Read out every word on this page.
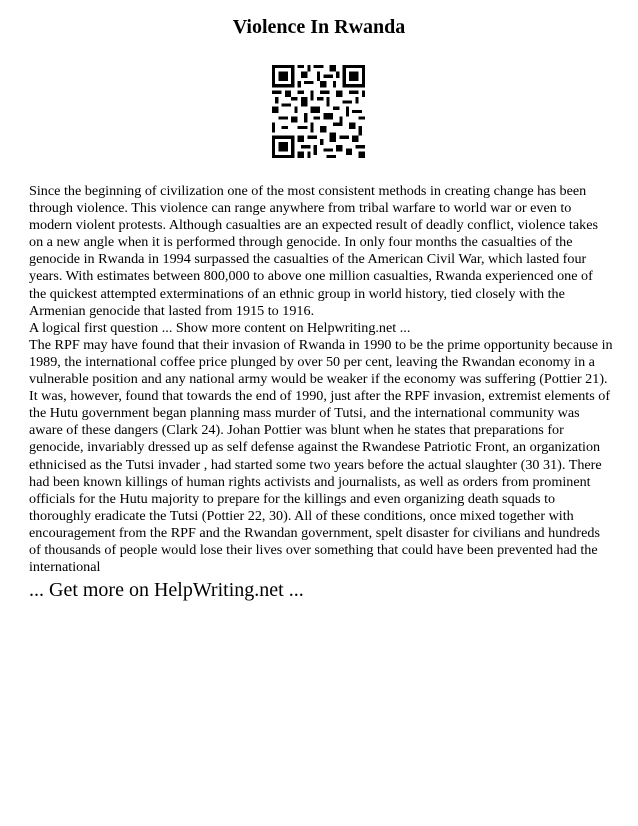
Violence In Rwanda

Since the beginning of civilization one of the most consistent methods in creating change has been through violence. This violence can range anywhere from tribal warfare to world war or even to modern violent protests. Although casualties are an expected result of deadly conflict, violence takes on a new angle when it is performed through genocide. In only four months the casualties of the genocide in Rwanda in 1994 surpassed the casualties of the American Civil War, which lasted four years. With estimates between 800,000 to above one million casualties, Rwanda experienced one of the quickest attempted exterminations of an ethnic group in world history, tied closely with the Armenian genocide that lasted from 1915 to 1916.

A logical first question ... Show more content on Helpwriting.net ...

The RPF may have found that their invasion of Rwanda in 1990 to be the prime opportunity because in 1989, the international coffee price plunged by over 50 per cent, leaving the Rwandan economy in a vulnerable position and any national army would be weaker if the economy was suffering (Pottier 21). It was, however, found that towards the end of 1990, just after the RPF invasion, extremist elements of the Hutu government began planning mass murder of Tutsi, and the international community was aware of these dangers (Clark 24). Johan Pottier was blunt when he states that preparations for genocide, invariably dressed up as self defense against the Rwandese Patriotic Front, an organization ethnicised as the Tutsi invader , had started some two years before the actual slaughter (30 31). There had been known killings of human rights activists and journalists, as well as orders from prominent officials for the Hutu majority to prepare for the killings and even organizing death squads to thoroughly eradicate the Tutsi (Pottier 22, 30). All of these conditions, once mixed together with encouragement from the RPF and the Rwandan government, spelt disaster for civilians and hundreds of thousands of people would lose their lives over something that could have been prevented had the international

... Get more on HelpWriting.net ...
